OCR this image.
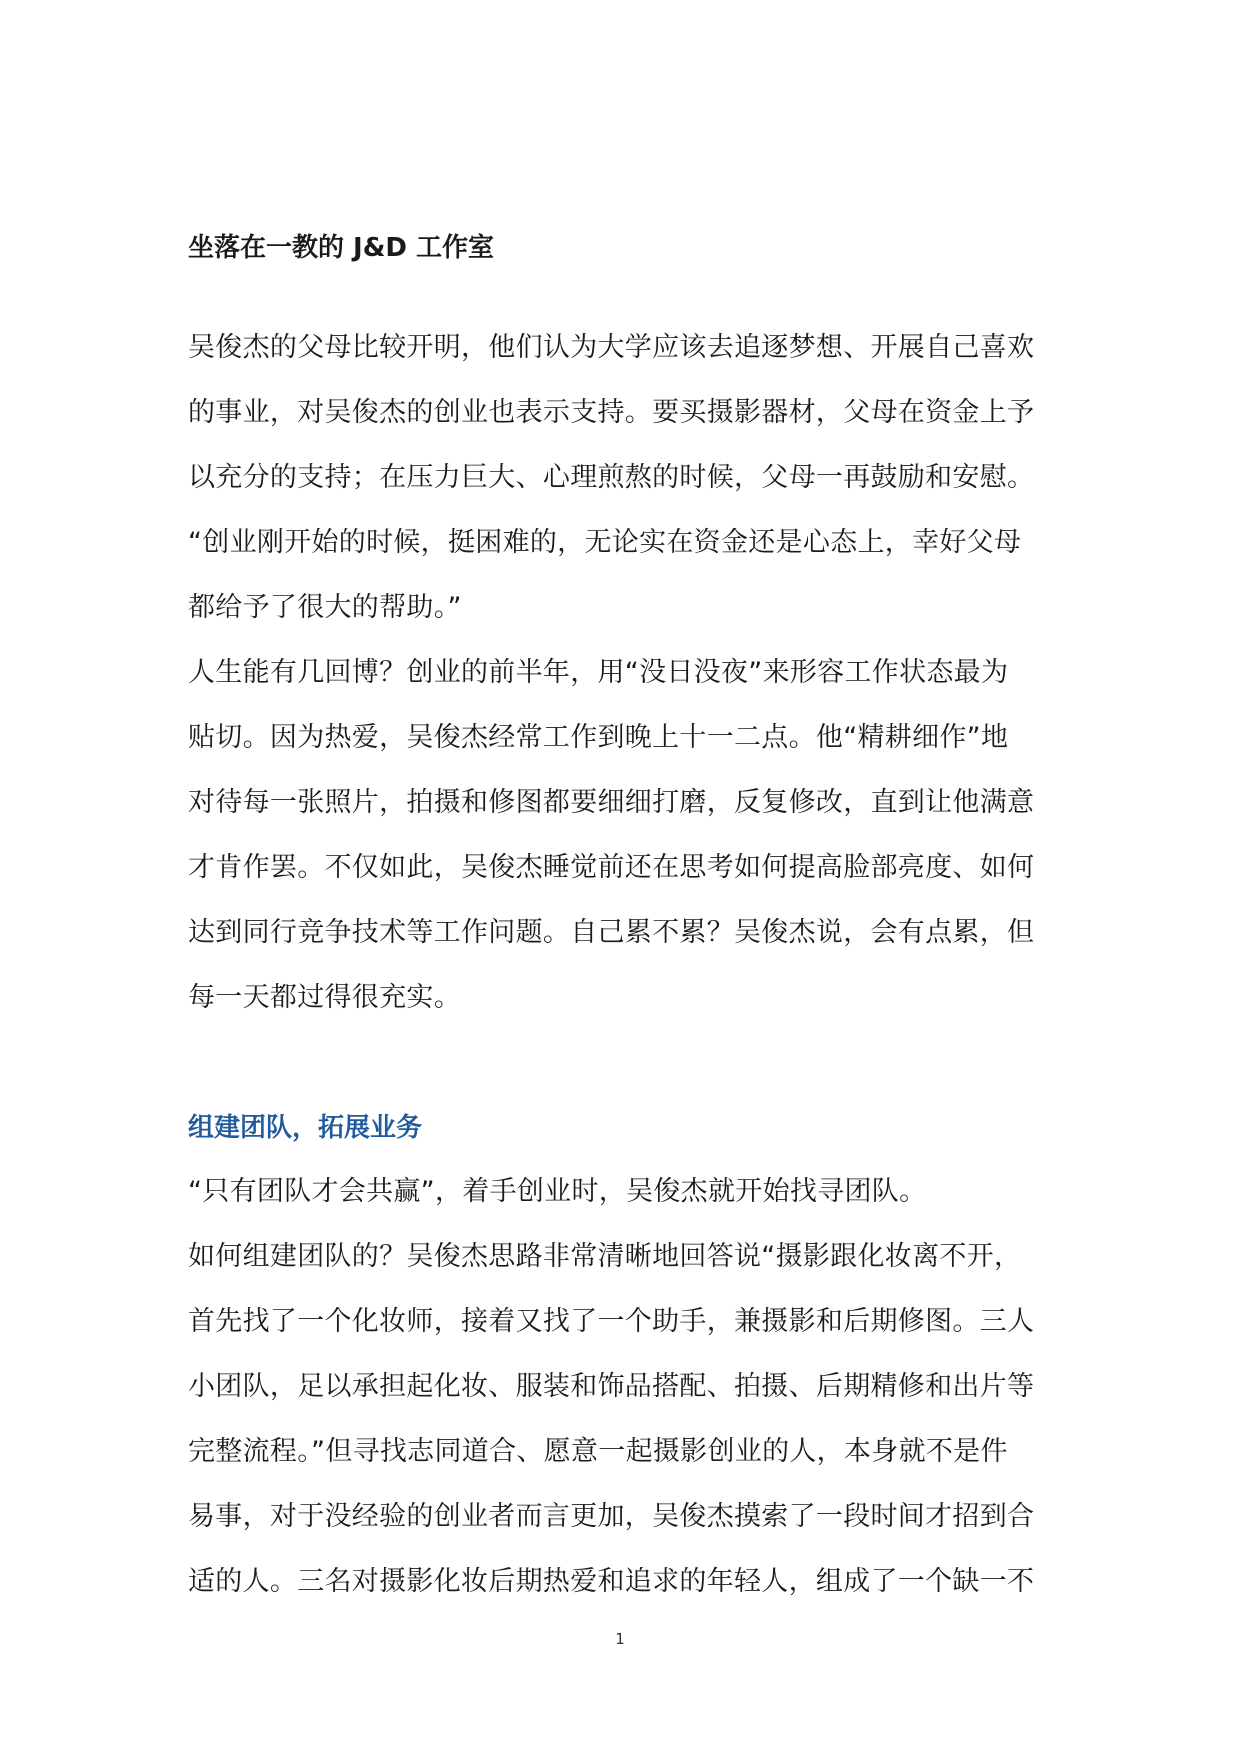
坐落在一教的 J&D 工作室

吴俊杰的父母比较开明，他们认为大学应该去追逐梦想、开展自己喜欢

的事业，对吴俊杰的创业也表示支持。要买摄影器材，父母在资金上予

以充分的支持；在压力巨大、心理煎熬的时候，父母一再鼓励和安慰。

“创业刚开始的时候，挺困难的，无论实在资金还是心态上，幸好父母

都给予了很大的帮助。”

人生能有几回博？创业的前半年，用“没日没夜”来形容工作状态最为

贴切。因为热爱，吴俊杰经常工作到晚上十一二点。他“精耕细作”地

对待每一张照片，拍摄和修图都要细细打磨，反复修改，直到让他满意

才肯作罢。不仅如此，吴俊杰睡觉前还在思考如何提高脸部亮度、如何

达到同行竞争技术等工作问题。自己累不累？吴俊杰说，会有点累，但

每一天都过得很充实。

组建团队，拓展业务

“只有团队才会共赢”，着手创业时，吴俊杰就开始找寻团队。

如何组建团队的？吴俊杰思路非常清晰地回答说“摄影跟化妆离不开，

首先找了一个化妆师，接着又找了一个助手，兼摄影和后期修图。三人

小团队，足以承担起化妆、服装和饰品搭配、拍摄、后期精修和出片等

完整流程。”但寻找志同道合、愿意一起摄影创业的人，本身就不是件

易事，对于没经验的创业者而言更加，吴俊杰摸索了一段时间才招到合

适的人。三名对摄影化妆后期热爱和追求的年轻人，组成了一个缺一不

1
